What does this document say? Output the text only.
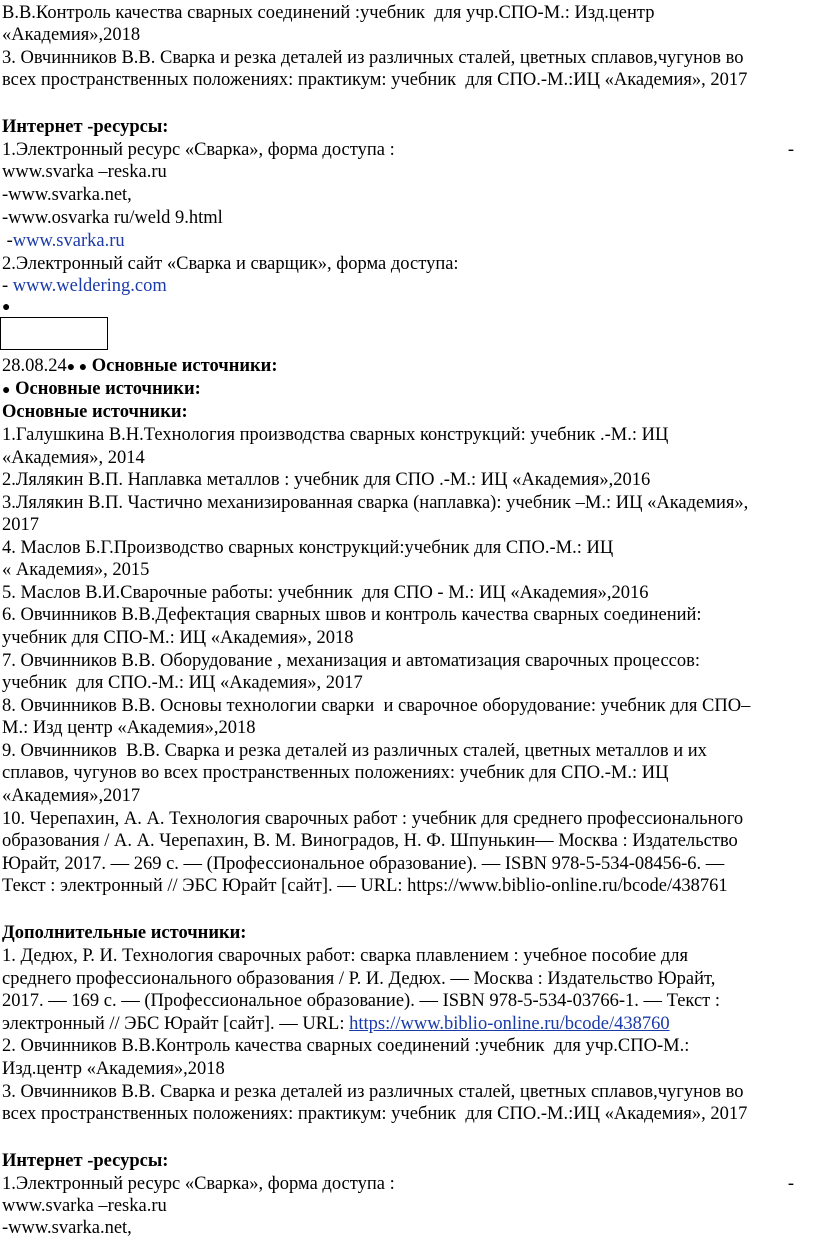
В.В.Контроль качества сварных соединений :учебник  для учр.СПО-М.: Изд.центр
«Академия»,2018
3. Овчинников В.В. Сварка и резка деталей из различных сталей, цветных сплавов,чугунов во
всех пространственных положениях: практикум: учебник  для СПО.-М.:ИЦ «Академия», 2017
Интернет -ресурсы:
1.Электронный ресурс «Сварка», форма доступа :	-
www.svarka –reska.ru
-www.svarka.net,
-www.osvarka ru/weld 9.html
-www.svarka.ru
2.Электронный сайт «Сварка и сварщик», форма доступа:
- www.weldering.com
●
28.08.24● ● Основные источники:
● Основные источники:
Основные источники:
1.Галушкина В.Н.Технология производства сварных конструкций: учебник .-М.: ИЦ
«Академия», 2014
2.Лялякин В.П. Наплавка металлов : учебник для СПО .-М.: ИЦ «Академия»,2016
3.Лялякин В.П. Частично механизированная сварка (наплавка): учебник –М.: ИЦ «Академия»,
2017
4. Маслов Б.Г.Производство сварных конструкций:учебник для СПО.-М.: ИЦ
« Академия», 2015
5. Маслов В.И.Сварочные работы: учебнник  для СПО - М.: ИЦ «Академия»,2016
6. Овчинников В.В.Дефектация сварных швов и контроль качества сварных соединений:
учебник для СПО-М.: ИЦ «Академия», 2018
7. Овчинников В.В. Оборудование , механизация и автоматизация сварочных процессов:
учебник  для СПО.-М.: ИЦ «Академия», 2017
8. Овчинников В.В. Основы технологии сварки  и сварочное оборудование: учебник для СПО–
М.: Изд центр «Академия»,2018
9. Овчинников  В.В. Сварка и резка деталей из различных сталей, цветных металлов и их
сплавов, чугунов во всех пространственных положениях: учебник для СПО.-М.: ИЦ
«Академия»,2017
10. Черепахин, А. А. Технология сварочных работ : учебник для среднего профессионального
образования / А. А. Черепахин, В. М. Виноградов, Н. Ф. Шпунькин— Москва : Издательство
Юрайт, 2017. — 269 с. — (Профессиональное образование). — ISBN 978-5-534-08456-6. —
Текст : электронный // ЭБС Юрайт [сайт]. — URL: https://www.biblio-online.ru/bcode/438761
Дополнительные источники:
1. Дедюх, Р. И. Технология сварочных работ: сварка плавлением : учебное пособие для
среднего профессионального образования / Р. И. Дедюх. — Москва : Издательство Юрайт,
2017. — 169 с. — (Профессиональное образование). — ISBN 978-5-534-03766-1. — Текст :
электронный // ЭБС Юрайт [сайт]. — URL: https://www.biblio-online.ru/bcode/438760
2. Овчинников В.В.Контроль качества сварных соединений :учебник  для учр.СПО-М.:
Изд.центр «Академия»,2018
3. Овчинников В.В. Сварка и резка деталей из различных сталей, цветных сплавов,чугунов во
всех пространственных положениях: практикум: учебник  для СПО.-М.:ИЦ «Академия», 2017
Интернет -ресурсы:
1.Электронный ресурс «Сварка», форма доступа :	-
www.svarka –reska.ru
-www.svarka.net,
